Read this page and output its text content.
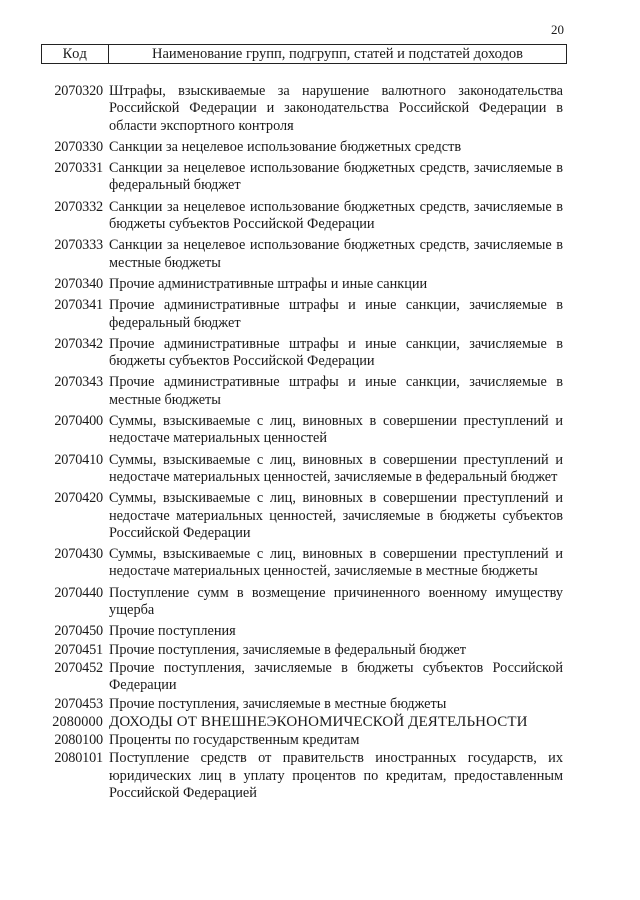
20
Код	Наименование групп, подгрупп, статей и подстатей доходов
2070320 Штрафы, взыскиваемые за нарушение валютного законодательства Российской Федерации и законодательства Российской Федерации в области экспортного контроля
2070330 Санкции за нецелевое использование бюджетных средств
2070331 Санкции за нецелевое использование бюджетных средств, зачисляемые в федеральный бюджет
2070332 Санкции за нецелевое использование бюджетных средств, зачисляемые в бюджеты субъектов Российской Федерации
2070333 Санкции за нецелевое использование бюджетных средств, зачисляемые в местные бюджеты
2070340 Прочие административные штрафы и иные санкции
2070341 Прочие административные штрафы и иные санкции, зачисляемые в федеральный бюджет
2070342 Прочие административные штрафы и иные санкции, зачисляемые в бюджеты субъектов Российской Федерации
2070343 Прочие административные штрафы и иные санкции, зачисляемые в местные бюджеты
2070400 Суммы, взыскиваемые с лиц, виновных в совершении преступлений и недостаче материальных ценностей
2070410 Суммы, взыскиваемые с лиц, виновных в совершении преступлений и недостаче материальных ценностей, зачисляемые в федеральный бюджет
2070420 Суммы, взыскиваемые с лиц, виновных в совершении преступлений и недостаче материальных ценностей, зачисляемые в бюджеты субъектов Российской Федерации
2070430 Суммы, взыскиваемые с лиц, виновных в совершении преступлений и недостаче материальных ценностей, зачисляемые в местные бюджеты
2070440 Поступление сумм в возмещение причиненного военному имуществу ущерба
2070450 Прочие поступления
2070451 Прочие поступления, зачисляемые в федеральный бюджет
2070452 Прочие поступления, зачисляемые в бюджеты субъектов Российской Федерации
2070453 Прочие поступления, зачисляемые в местные бюджеты
2080000 ДОХОДЫ ОТ ВНЕШНЕЭКОНОМИЧЕСКОЙ ДЕЯТЕЛЬНОСТИ
2080100 Проценты по государственным кредитам
2080101 Поступление средств от правительств иностранных государств, их юридических лиц в уплату процентов по кредитам, предоставленным Российской Федерацией
